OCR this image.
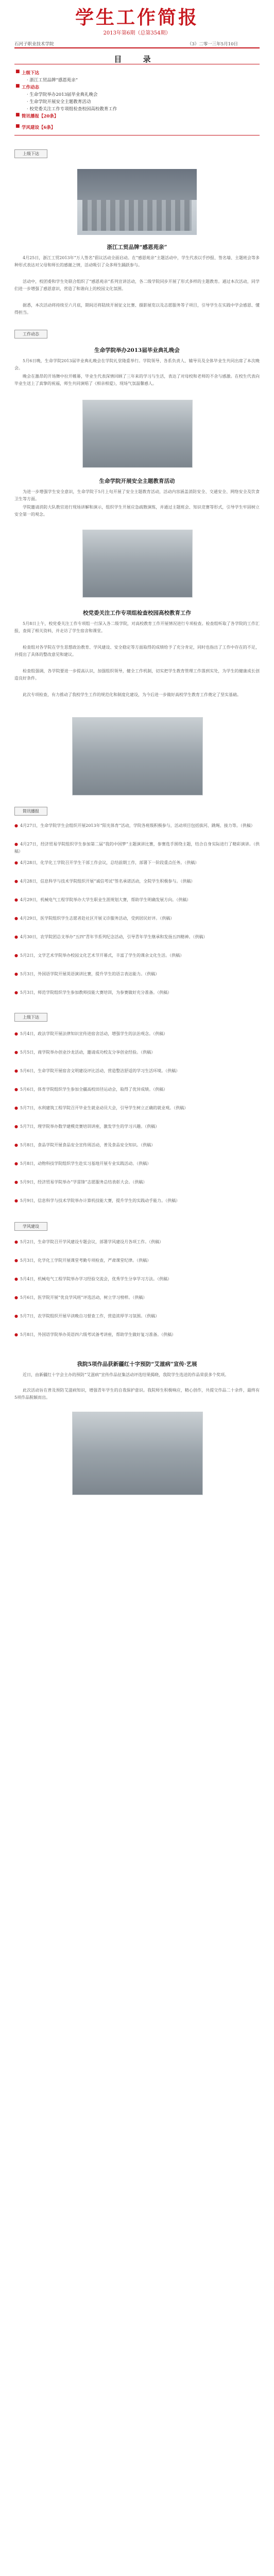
学生工作简报
2013年第6期（总第354期）
石河子职业技术学院	（3）二零一三年5月10日
目 录
■ 上级下达
· 浙江工贸品牌“感恩苑亲”
■ 工作动态
· 生命学院举办2013届毕业典礼晚会
· 生命学院开展安全主题教育活动
· 校党委关注工作专项组检查校园高校教育工作
■ 简讯播报【20条】
■ 学风建设【6条】
上级下达
浙江工贸品牌“感恩苑亲”
4月25日，浙江工贸2013年“万人签名”倡议活动全面启动。在“感恩苑亲”主题活动中，学生代表以手抄报、签名墙、主题班会等多种形式表达对父母和师长的感谢之情，活动吸引了众多师生踊跃参与。
活动中，校团委和学生处联合组织了“感恩苑亲”系列宣讲活动，各二级学院同步开展了形式多样的主题教育。通过本次活动，同学们进一步增强了感恩意识，营造了和谐向上的校园文化氛围。
据悉，本次活动将持续至六月底，期间还将陆续开展征文比赛、摄影展览以及志愿服务等子项目，引导学生在实践中学会感恩、懂得担当。
工作动态
生命学院举办2013届毕业典礼晚会
5月6日晚，生命学院2013届毕业典礼晚会在学院礼堂隆重举行。学院领导、各系负责人、辅导员及全体毕业生共同出席了本次晚会。
晚会在激昂的开场舞中拉开帷幕，毕业生代表深情回顾了三年来的学习与生活，表达了对母校和老师的不舍与感激。在校生代表向毕业生送上了真挚的祝福，师生共同演唱了《相亲相爱》，现场气氛温馨感人。
生命学院开展安全主题教育活动
为进一步增强学生安全意识，生命学院于5月上旬开展了安全主题教育活动，活动内容涵盖消防安全、交通安全、网络安全及饮食卫生等方面。
学院邀请消防大队教官进行现场讲解和演示，组织学生开展应急疏散演练，并通过主题班会、知识竞赛等形式，引导学生牢固树立安全第一的观念。
校党委关注工作专项组检查校园高校教育工作
5月8日上午，校党委关注工作专项组一行深入各二级学院，对高校教育工作开展情况进行专项检查。检查组听取了各学院的工作汇报，查阅了相关资料，并走访了学生宿舍和课堂。
检查组对各学院在学生思想政治教育、学风建设、安全稳定等方面取得的成绩给予了充分肯定，同时也指出了工作中存在的不足，并提出了具体的整改意见和建议。
检查组强调，各学院要进一步提高认识，加强组织领导，健全工作机制，切实把学生教育管理工作落到实处，为学生的健康成长创造良好条件。
此次专项检查，有力推动了我校学生工作的规范化和制度化建设，为今后进一步做好高校学生教育工作奠定了坚实基础。
简讯播报
● 4月27日，生命学院学生会组织开展2013年“阳光体育”活动，学院各班级积极参与，活动项目包括拔河、跳绳、接力等。（供稿）
● 4月27日，经济贸易学院组织学生参加第二届“我的中国梦”主题演讲比赛，参赛选手围绕主题，结合自身实际进行了精彩演讲。（供稿）
● 4月28日，化学化工学院召开学生干部工作会议，总结前期工作，部署下一阶段重点任务。（供稿）
● 4月28日，信息科学与技术学院组织开展“诚信考试”签名承诺活动，全院学生积极参与。（供稿）
● 4月29日，机械电气工程学院举办大学生职业生涯规划大赛，帮助学生明确发展方向。（供稿）
● 4月29日，医学院组织学生志愿者赴社区开展义诊服务活动，受到居民好评。（供稿）
● 4月30日，农学院团总支举办“五四”青年节系列纪念活动，引导青年学生继承和发扬五四精神。（供稿）
● 5月2日，文学艺术学院举办校园文化艺术节开幕式，丰富了学生的课余文化生活。（供稿）
● 5月3日，外国语学院开展英语演讲比赛，提升学生的语言表达能力。（供稿）
● 5月3日，师范学院组织学生参加教师技能大赛培训，为参赛做好充分准备。（供稿）
上级下达
● 5月4日，政法学院开展法律知识宣传进宿舍活动，增强学生的法治观念。（供稿）
● 5月5日，商学院举办创业沙龙活动，邀请成功校友分享创业经验。（供稿）
● 5月6日，生命学院开展宿舍文明建设评比活动，营造整洁舒适的学习生活环境。（供稿）
● 5月6日，体育学院组织学生参加全疆高校田径运动会，取得了优异成绩。（供稿）
● 5月7日，水利建筑工程学院召开毕业生就业动员大会，引导学生树立正确的就业观。（供稿）
● 5月7日，理学院举办数学建模竞赛培训讲座，激发学生的学习兴趣。（供稿）
● 5月8日，食品学院开展食品安全宣传周活动，普及食品安全知识。（供稿）
● 5月8日，动物科技学院组织学生赴实习基地开展专业实践活动。（供稿）
● 5月9日，经济贸易学院举办“学雷锋”志愿服务总结表彰大会。（供稿）
● 5月9日，信息科学与技术学院举办计算机技能大赛，提升学生的实践动手能力。（供稿）
学风建设
● 5月2日，生命学院召开学风建设专题会议，部署学风建设月各项工作。（供稿）
● 5月3日，化学化工学院开展课堂考勤专项检查，严肃课堂纪律。（供稿）
● 5月4日，机械电气工程学院举办学习经验交流会，优秀学生分享学习方法。（供稿）
● 5月6日，医学院开展“优良学风班”评选活动，树立学习榜样。（供稿）
● 5月7日，农学院组织开展早读晚自习督查工作，营造浓厚学习氛围。（供稿）
● 5月8日，外国语学院举办英语四六级考试备考讲座，帮助学生做好复习准备。（供稿）
我院5项作品获新疆红十字预防“艾滋病”宣传·艺展
近日，由新疆红十字会主办的预防“艾滋病”宣传作品征集活动评选结果揭晓，我院学生选送的作品荣获多个奖项。
此次活动旨在普及预防艾滋病知识，增强青年学生的自我保护意识。我院师生积极响应，精心创作，共提交作品二十余件，最终有5项作品脱颖而出。
